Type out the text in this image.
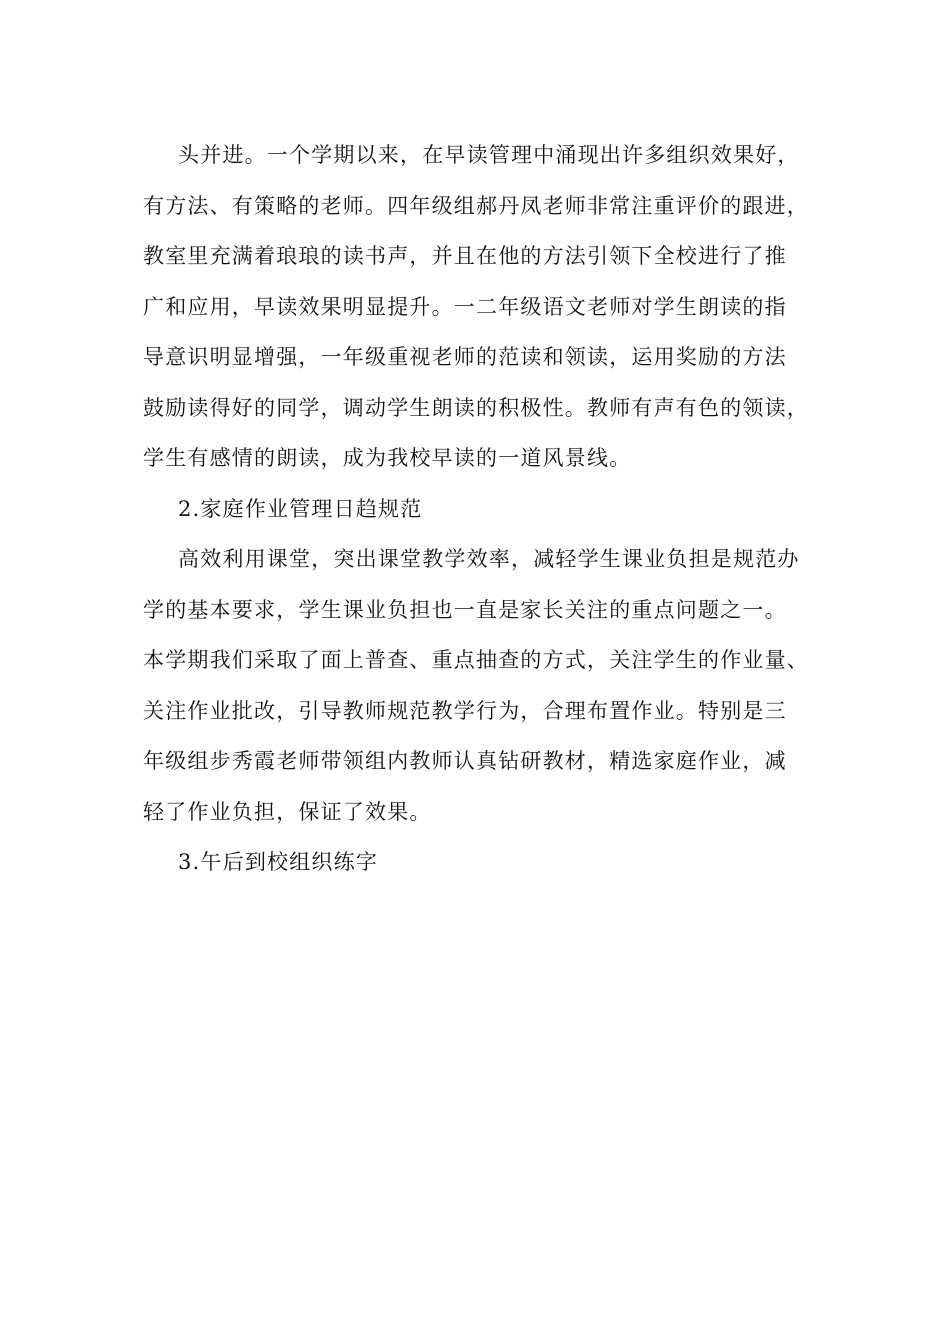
头并进。一个学期以来，在早读管理中涌现出许多组织效果好，
有方法、有策略的老师。四年级组郝丹凤老师非常注重评价的跟进，
教室里充满着琅琅的读书声，并且在他的方法引领下全校进行了推
广和应用，早读效果明显提升。一二年级语文老师对学生朗读的指
导意识明显增强，一年级重视老师的范读和领读，运用奖励的方法
鼓励读得好的同学，调动学生朗读的积极性。教师有声有色的领读，
学生有感情的朗读，成为我校早读的一道风景线。
2.家庭作业管理日趋规范
高效利用课堂，突出课堂教学效率，减轻学生课业负担是规范办
学的基本要求，学生课业负担也一直是家长关注的重点问题之一。
本学期我们采取了面上普查、重点抽查的方式，关注学生的作业量、
关注作业批改，引导教师规范教学行为，合理布置作业。特别是三
年级组步秀霞老师带领组内教师认真钻研教材，精选家庭作业，减
轻了作业负担，保证了效果。
3.午后到校组织练字
